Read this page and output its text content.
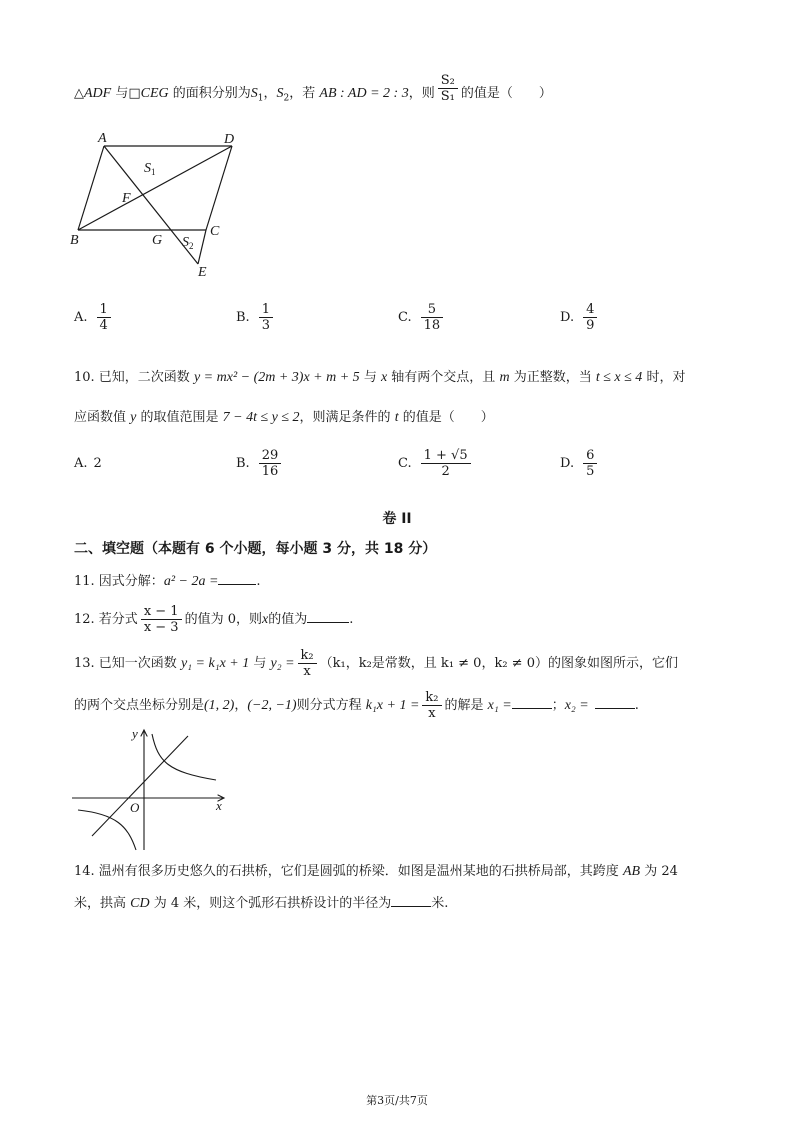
△ADF 与□CEG 的面积分别为$S_1$，$S_2$，若 AB : AD = 2 : 3，则 $\frac{\text{S₂}}{\text{S₁}}$ 的值是（　　）
A	D
B
C
E
F
G
$S_1$
$S_2$
A. $\frac{1}{4}$	B. $\frac{1}{3}$	C. $\frac{5}{18}$	D. $\frac{4}{9}$
10. 已知，二次函数 y = mx² − (2m + 3)x + m + 5 与 x 轴有两个交点，且 m 为正整数，当 t ≤ x ≤ 4 时，对
应函数值 y 的取值范围是 7 − 4t ≤ y ≤ 2，则满足条件的 t 的值是（　　）
A. 2	B. $\frac{29}{16}$	C. $\frac{1 + √5}{2}$	D. $\frac{6}{5}$
卷 II
二、填空题（本题有 6 个小题，每小题 3 分，共 18 分）
11. 因式分解：a² − 2a =	.
12. 若分式 $\frac{x - 1}{x - 3}$ 的值为 0，则x的值为	.
13. 已知一次函数 y₁ = k₁x + 1 与 $y_2 = \frac{\text{k₂}}{x} (k_1$，k₂是常数，且 k₁ ≠ 0，k₂ ≠ 0）的图象如图所示，它们
的两个交点坐标分别是(1, 2)，(−2, −1)则分式方程 $k_1x + 1 = \frac{\text{k₂}}{x}$ 的解是 x₁ =	；x₂ =	.
y
x
O
14. 温州有很多历史悠久的石拱桥，它们是圆弧的桥梁．如图是温州某地的石拱桥局部，其跨度 AB 为 24
米，拱高 CD 为 4 米，则这个弧形石拱桥设计的半径为	米.
第3页/共7页
